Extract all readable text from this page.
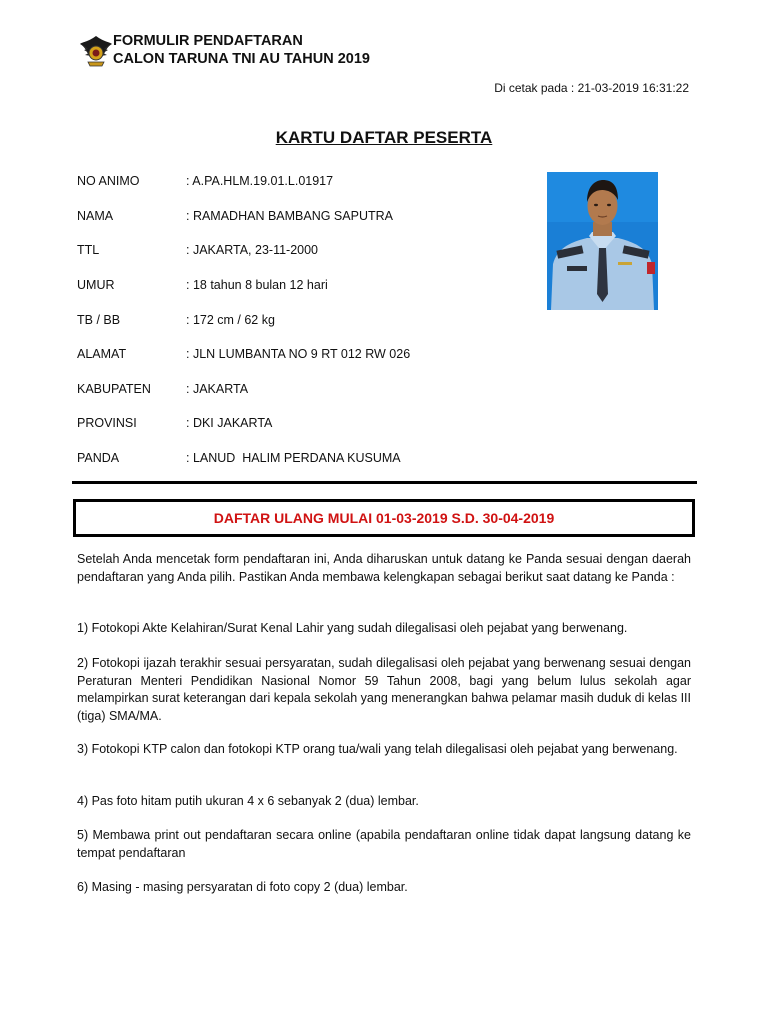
FORMULIR PENDAFTARAN
CALON TARUNA TNI AU TAHUN 2019
Di cetak pada : 21-03-2019 16:31:22
KARTU DAFTAR PESERTA
NO ANIMO	: A.PA.HLM.19.01.L.01917
NAMA	: RAMADHAN BAMBANG SAPUTRA
TTL	: JAKARTA, 23-11-2000
UMUR	: 18 tahun 8 bulan 12 hari
TB / BB	: 172 cm / 62 kg
ALAMAT	: JLN LUMBANTA NO 9 RT 012 RW 026
KABUPATEN	: JAKARTA
PROVINSI	: DKI JAKARTA
PANDA	: LANUD  HALIM PERDANA KUSUMA
DAFTAR ULANG MULAI 01-03-2019 S.D. 30-04-2019
Setelah Anda mencetak form pendaftaran ini, Anda diharuskan untuk datang ke Panda sesuai dengan daerah pendaftaran yang Anda pilih. Pastikan Anda membawa kelengkapan sebagai berikut saat datang ke Panda :
1) Fotokopi Akte Kelahiran/Surat Kenal Lahir yang sudah dilegalisasi oleh pejabat yang berwenang.
2) Fotokopi ijazah terakhir sesuai persyaratan, sudah dilegalisasi oleh pejabat yang berwenang sesuai dengan Peraturan Menteri Pendidikan Nasional Nomor 59 Tahun 2008, bagi yang belum lulus sekolah agar melampirkan surat keterangan dari kepala sekolah yang menerangkan bahwa pelamar masih duduk di kelas III (tiga) SMA/MA.
3) Fotokopi KTP calon dan fotokopi KTP orang tua/wali yang telah dilegalisasi oleh pejabat yang berwenang.
4) Pas foto hitam putih ukuran 4 x 6 sebanyak 2 (dua) lembar.
5) Membawa print out pendaftaran secara online (apabila pendaftaran online tidak dapat langsung datang ke tempat pendaftaran
6) Masing - masing persyaratan di foto copy 2 (dua) lembar.
